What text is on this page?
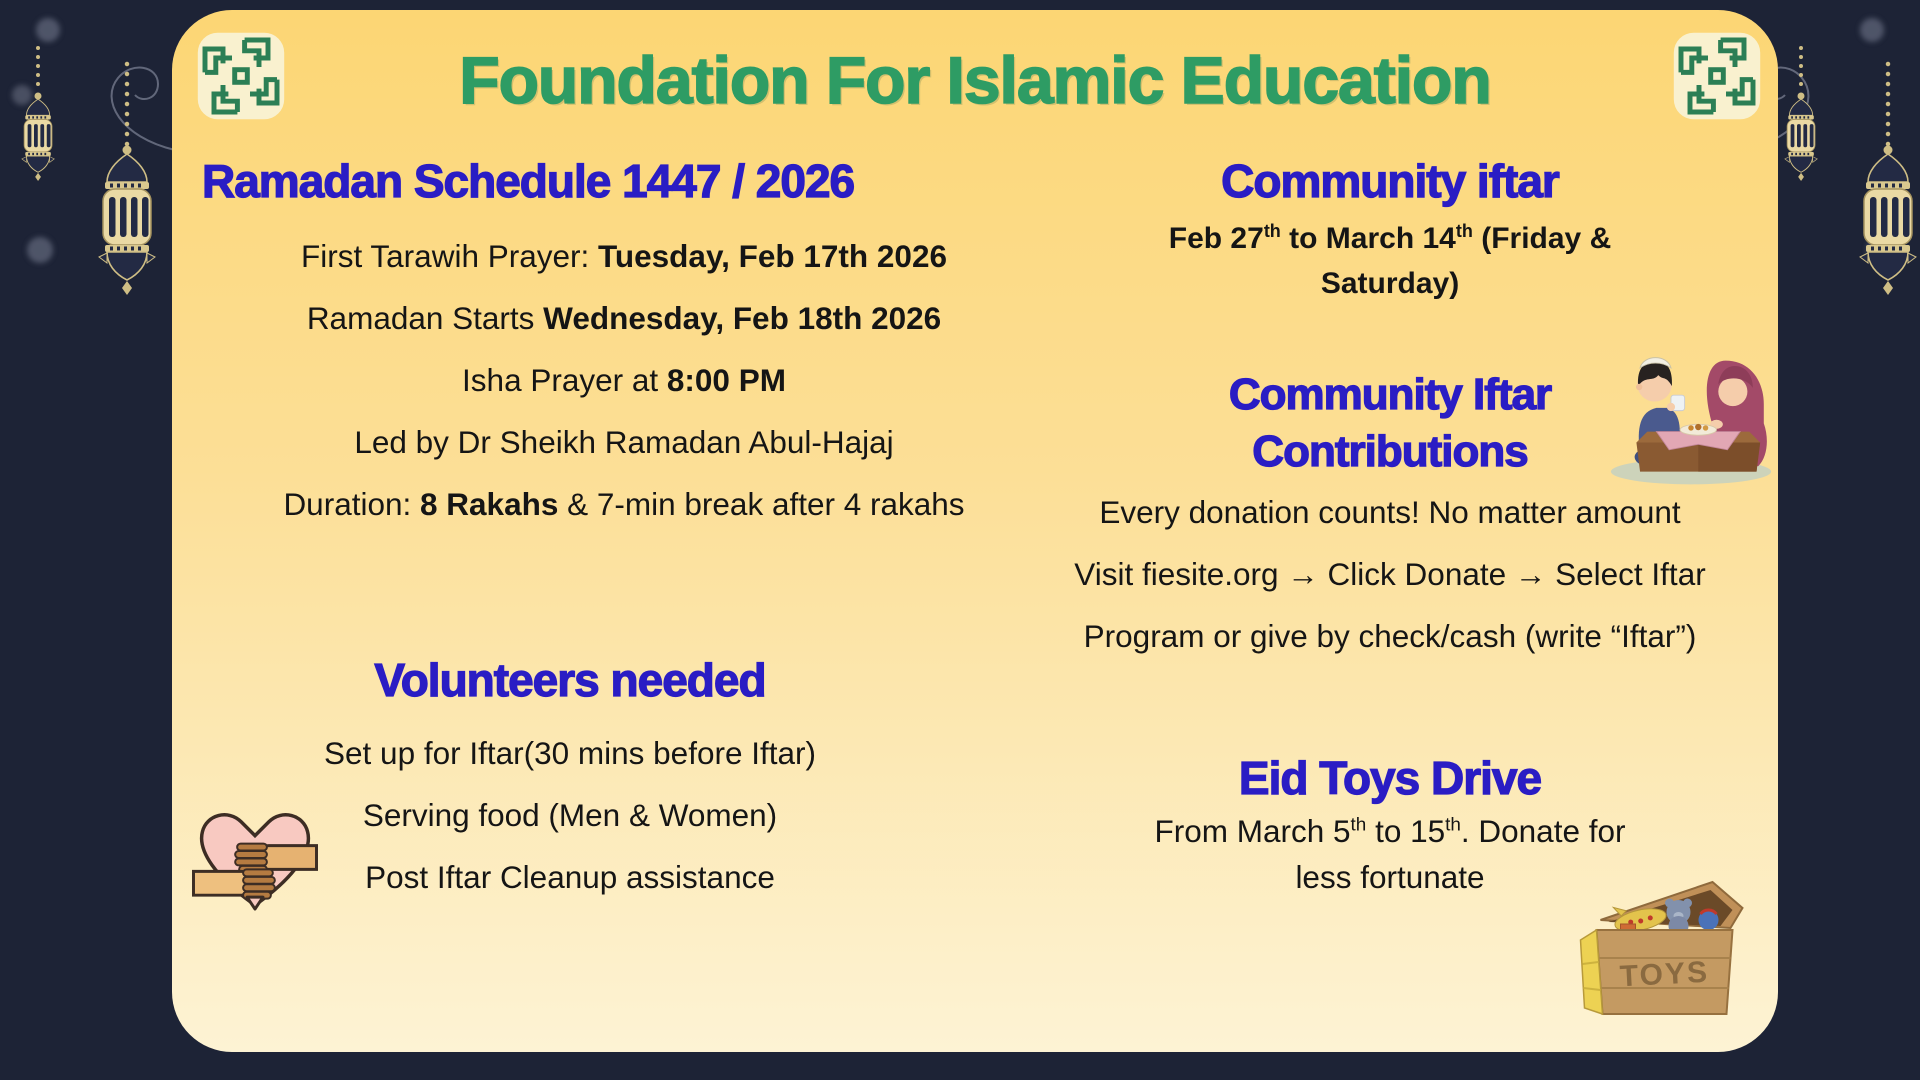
Foundation For Islamic Education
Ramadan Schedule 1447 / 2026

First Tarawih Prayer: Tuesday, Feb 17th 2026

Ramadan Starts Wednesday, Feb 18th 2026

Isha Prayer at 8:00 PM

Led by Dr Sheikh Ramadan Abul-Hajaj

Duration: 8 Rakahs & 7-min break after 4 rakahs

Volunteers needed

Set up for Iftar(30 mins before Iftar)

Serving food (Men & Women)

Post Iftar Cleanup assistance

Community iftar
Feb 27th to March 14th (Friday & Saturday)
Community Iftar Contributions

Every donation counts! No matter amount

Visit fiesite.org → Click Donate → Select Iftar

Program or give by check/cash (write “Iftar”)

Eid Toys Drive
From March 5th to 15th. Donate for less fortunate
TOYS
